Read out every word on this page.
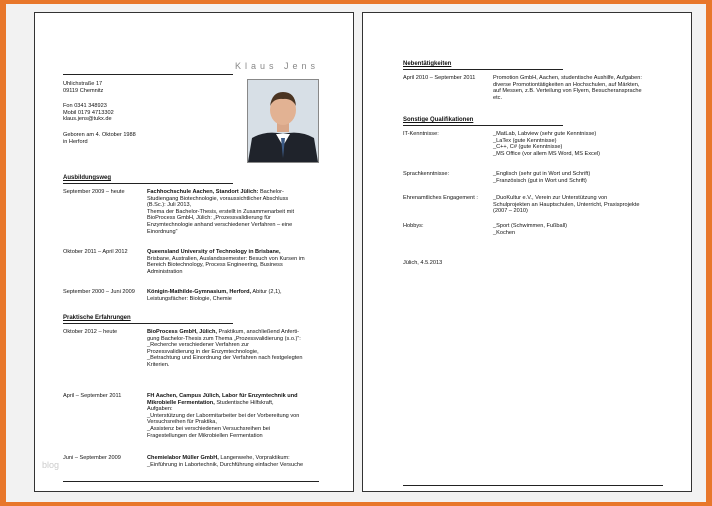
Klaus Jens
Uhlichstraße 17
09119 Chemnitz
Fon 0341 348923
Mobil 0179 4713302
klaus.jens@tukx.de
Geboren am 4. Oktober 1988
in Herford
Ausbildungsweg
September 2009 – heute	Fachhochschule Aachen, Standort Jülich: Bachelor-
Studiengang Biotechnologie, voraussichtlicher Abschluss
(B.Sc.): Juli 2013,
Thema der Bachelor-Thesis, erstellt in Zusammenarbeit mit
BioProcess GmbH, Jülich: „Prozessvalidierung für
Enzymtechnologie anhand verschiedener Verfahren – eine
Einordnung“
Oktober 2011 – April 2012	Queensland University of Technology in Brisbane,
Brisbane, Australien, Auslandssemester: Besuch von Kursen im
Bereich Biotechnology, Process Engineering, Business
Administration
September 2000 – Juni 2009	Königin-Mathilde-Gymnasium, Herford, Abitur (2,1),
Leistungsfächer: Biologie, Chemie
Praktische Erfahrungen
Oktober 2012 – heute	BioProcess GmbH, Jülich, Praktikum, anschließend Anferti-
gung Bachelor-Thesis zum Thema „Prozessvalidierung (s.o.)“:
_Recherche verschiedener Verfahren zur
Prozessvalidierung in der Enzymtechnologie,
_Betrachtung und Einordnung der Verfahren nach festgelegten
Kriterien.
April – September 2011	FH Aachen, Campus Jülich, Labor für Enzymtechnik und
Mikrobielle Fermentation, Studentische Hilfskraft,
Aufgaben:
_Unterstützung der Labormitarbeiter bei der Vorbereitung von
Versuchsreihen für Praktika,
_Assistenz bei verschiedenen Versuchsreihen bei
Fragestellungen der Mikrobiellen Fermentation
Juni – September 2009	Chemielabor Müller GmbH, Langenwehe, Vorpraktikum:
_Einführung in Labortechnik, Durchführung einfacher Versuche
Nebentätigkeiten
April 2010 – September 2011	Promotion GmbH, Aachen, studentische Aushilfe, Aufgaben:
diverse Promotiontätigkeiten an Hochschulen, auf Märkten,
auf Messen, z.B. Verteilung von Flyern, Besucheransprache
etc.
Sonstige Qualifikationen
IT-Kenntnisse:	_MatLab, Labview (sehr gute Kenntnisse)
_LaTex (gute Kenntnisse)
_C++, C# (gute Kenntnisse)
_MS Office (vor allem MS Word, MS Excel)
Sprachkenntnisse:	_Englisch (sehr gut in Wort und Schrift)
_Französisch (gut in Wort und Schrift)
Ehrenamtliches Engagement :	_DuoKultur e.V., Verein zur Unterstützung von
Schulprojekten an Hauptschulen, Unterricht, Praxisprojekte
(2007 – 2010)
Hobbys:	_Sport (Schwimmen, Fußball)
_Kochen
Jülich, 4.5.2013
blog
